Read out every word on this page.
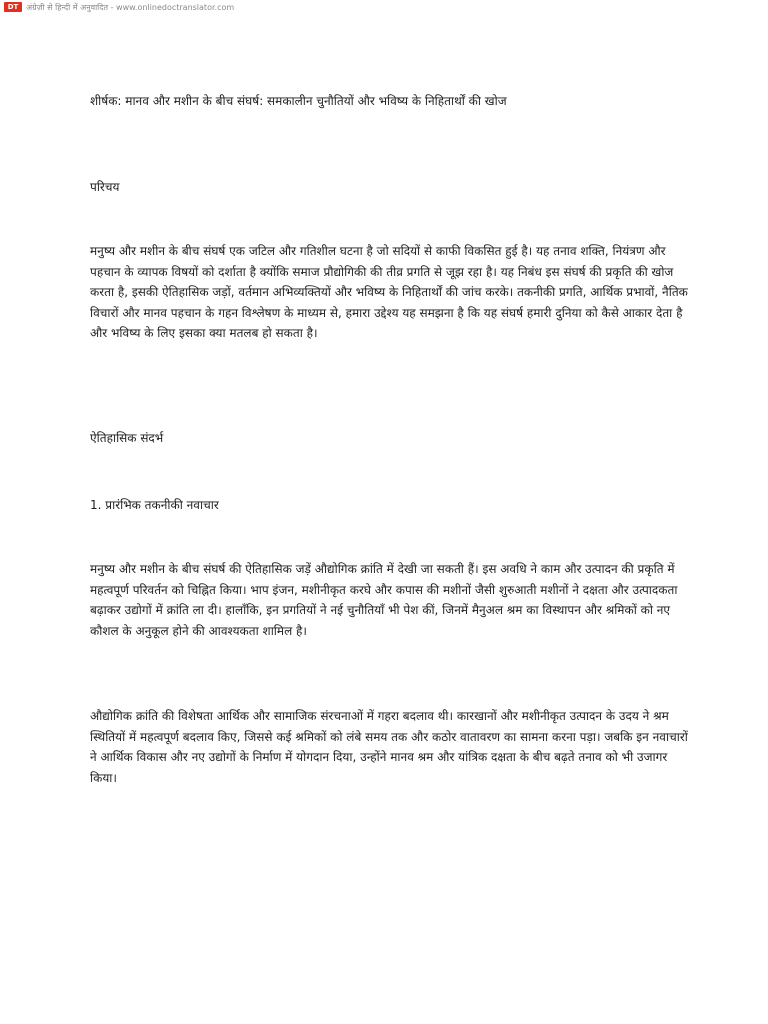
DT अंग्रेज़ी से हिन्दी में अनुवादित - www.onlinedoctranslator.com

शीर्षक: मानव और मशीन के बीच संघर्ष: समकालीन चुनौतियों और भविष्य के निहितार्थों की खोज

परिचय

मनुष्य और मशीन के बीच संघर्ष एक जटिल और गतिशील घटना है जो सदियों से काफी विकसित हुई है। यह तनाव शक्ति, नियंत्रण और पहचान के व्यापक विषयों को दर्शाता है क्योंकि समाज प्रौद्योगिकी की तीव्र प्रगति से जूझ रहा है। यह निबंध इस संघर्ष की प्रकृति की खोज करता है, इसकी ऐतिहासिक जड़ों, वर्तमान अभिव्यक्तियों और भविष्य के निहितार्थों की जांच करके। तकनीकी प्रगति, आर्थिक प्रभावों, नैतिक विचारों और मानव पहचान के गहन विश्लेषण के माध्यम से, हमारा उद्देश्य यह समझना है कि यह संघर्ष हमारी दुनिया को कैसे आकार देता है और भविष्य के लिए इसका क्या मतलब हो सकता है।

ऐतिहासिक संदर्भ

1. प्रारंभिक तकनीकी नवाचार

मनुष्य और मशीन के बीच संघर्ष की ऐतिहासिक जड़ें औद्योगिक क्रांति में देखी जा सकती हैं। इस अवधि ने काम और उत्पादन की प्रकृति में महत्वपूर्ण परिवर्तन को चिह्नित किया। भाप इंजन, मशीनीकृत करघे और कपास की मशीनों जैसी शुरुआती मशीनों ने दक्षता और उत्पादकता बढ़ाकर उद्योगों में क्रांति ला दी। हालाँकि, इन प्रगतियों ने नई चुनौतियाँ भी पेश कीं, जिनमें मैनुअल श्रम का विस्थापन और श्रमिकों को नए कौशल के अनुकूल होने की आवश्यकता शामिल है।

औद्योगिक क्रांति की विशेषता आर्थिक और सामाजिक संरचनाओं में गहरा बदलाव थी। कारखानों और मशीनीकृत उत्पादन के उदय ने श्रम स्थितियों में महत्वपूर्ण बदलाव किए, जिससे कई श्रमिकों को लंबे समय तक और कठोर वातावरण का सामना करना पड़ा। जबकि इन नवाचारों ने आर्थिक विकास और नए उद्योगों के निर्माण में योगदान दिया, उन्होंने मानव श्रम और यांत्रिक दक्षता के बीच बढ़ते तनाव को भी उजागर किया।
